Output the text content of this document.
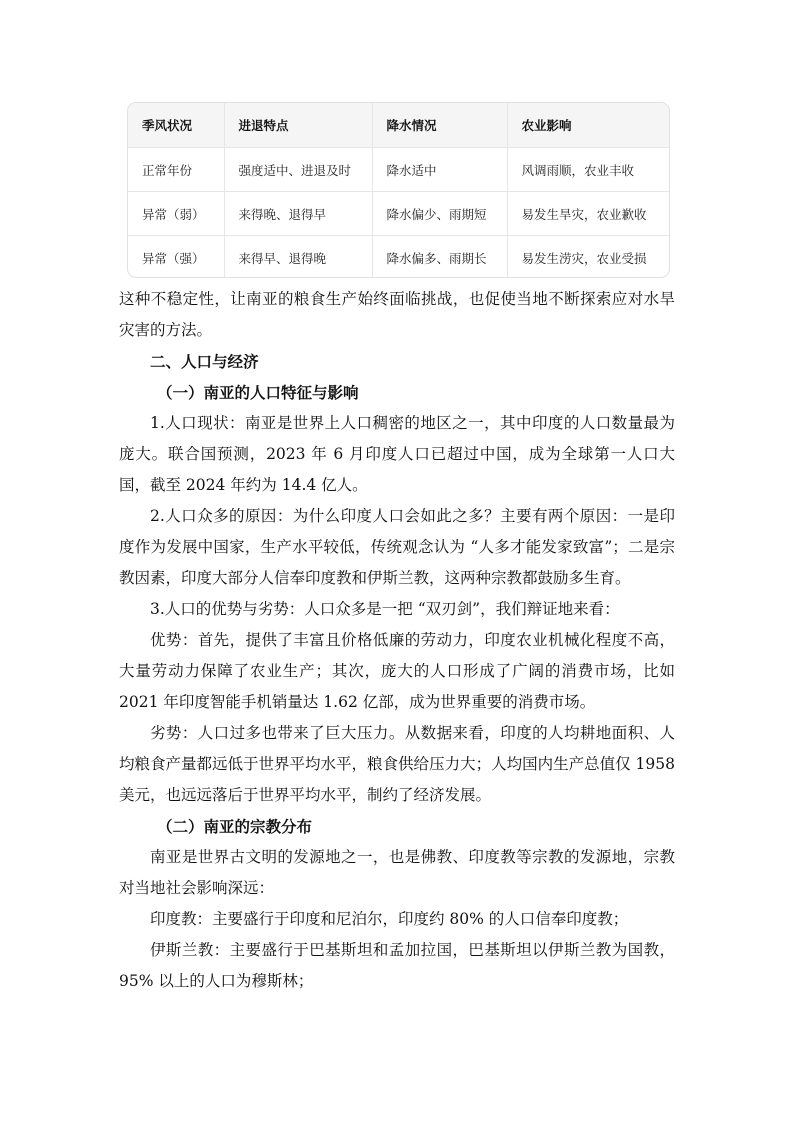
季风状况	进退特点	降水情况	农业影响
正常年份	强度适中、进退及时	降水适中	风调雨顺，农业丰收
异常（弱）	来得晚、退得早	降水偏少、雨期短	易发生旱灾，农业歉收
异常（强）	来得早、退得晚	降水偏多、雨期长	易发生涝灾，农业受损

这种不稳定性，让南亚的粮食生产始终面临挑战，也促使当地不断探索应对水旱灾害的方法。

二、人口与经济

（一）南亚的人口特征与影响

1.人口现状：南亚是世界上人口稠密的地区之一，其中印度的人口数量最为庞大。联合国预测，2023 年 6 月印度人口已超过中国，成为全球第一人口大国，截至 2024 年约为 14.4 亿人。

2.人口众多的原因：为什么印度人口会如此之多？主要有两个原因：一是印度作为发展中国家，生产水平较低，传统观念认为 “人多才能发家致富”；二是宗教因素，印度大部分人信奉印度教和伊斯兰教，这两种宗教都鼓励多生育。

3.人口的优势与劣势：人口众多是一把 “双刃剑”，我们辩证地来看：

优势：首先，提供了丰富且价格低廉的劳动力，印度农业机械化程度不高，大量劳动力保障了农业生产；其次，庞大的人口形成了广阔的消费市场，比如 2021 年印度智能手机销量达 1.62 亿部，成为世界重要的消费市场。

劣势：人口过多也带来了巨大压力。从数据来看，印度的人均耕地面积、人均粮食产量都远低于世界平均水平，粮食供给压力大；人均国内生产总值仅 1958 美元，也远远落后于世界平均水平，制约了经济发展。

（二）南亚的宗教分布

南亚是世界古文明的发源地之一，也是佛教、印度教等宗教的发源地，宗教对当地社会影响深远：

印度教：主要盛行于印度和尼泊尔，印度约 80% 的人口信奉印度教；

伊斯兰教：主要盛行于巴基斯坦和孟加拉国，巴基斯坦以伊斯兰教为国教，95% 以上的人口为穆斯林；
